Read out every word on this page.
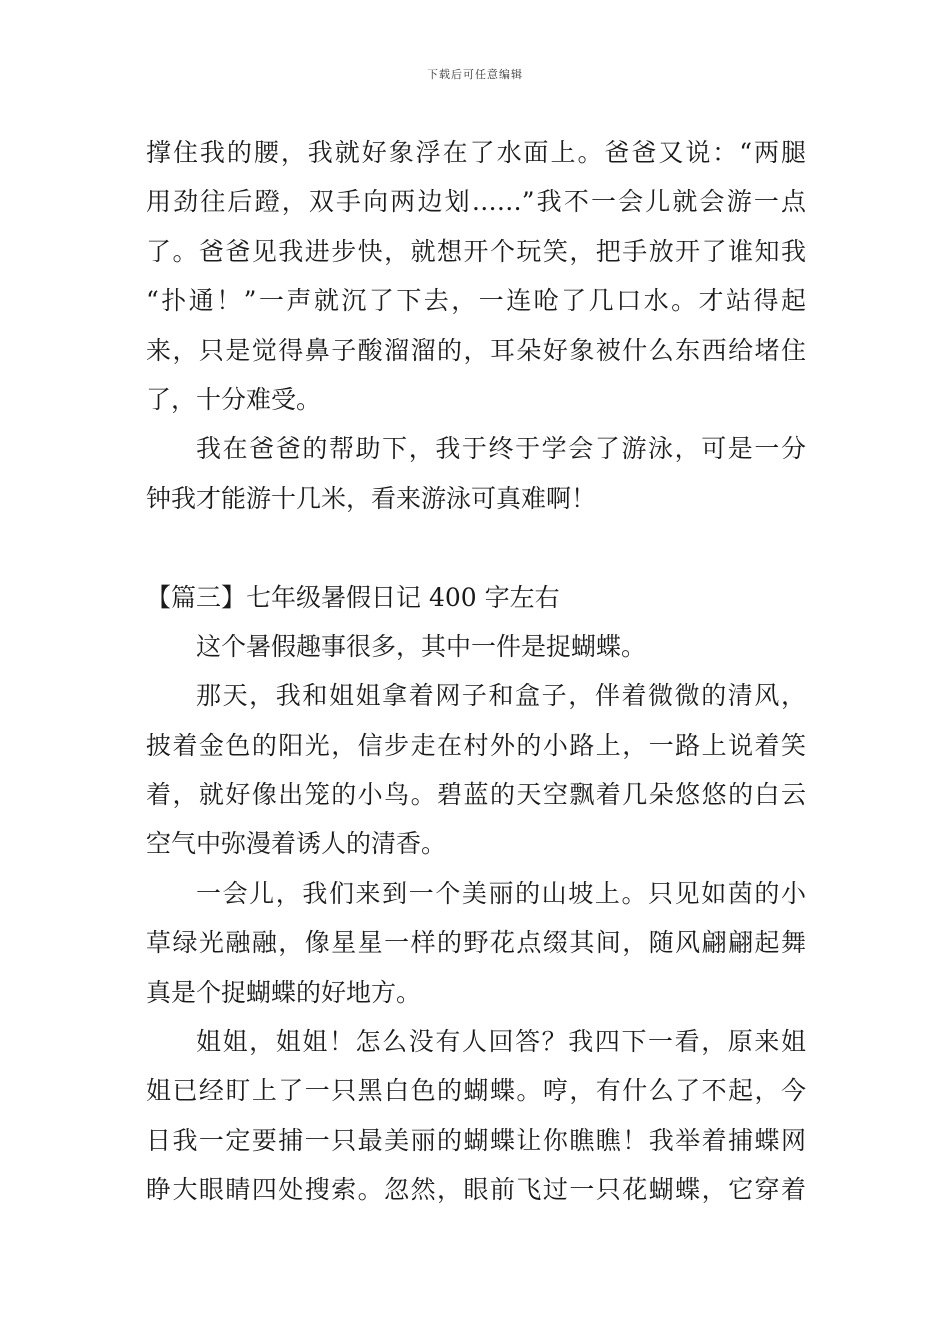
下载后可任意编辑
撑住我的腰，我就好象浮在了水面上。爸爸又说：“两腿
用劲往后蹬，双手向两边划……”我不一会儿就会游一点
了。爸爸见我进步快，就想开个玩笑，把手放开了谁知我
“扑通！”一声就沉了下去，一连呛了几口水。才站得起
来，只是觉得鼻子酸溜溜的，耳朵好象被什么东西给堵住
了，十分难受。
我在爸爸的帮助下，我于终于学会了游泳，可是一分
钟我才能游十几米，看来游泳可真难啊！
【篇三】七年级暑假日记 400 字左右
这个暑假趣事很多，其中一件是捉蝴蝶。
那天，我和姐姐拿着网子和盒子，伴着微微的清风，
披着金色的阳光，信步走在村外的小路上，一路上说着笑
着，就好像出笼的小鸟。碧蓝的天空飘着几朵悠悠的白云
空气中弥漫着诱人的清香。
一会儿，我们来到一个美丽的山坡上。只见如茵的小
草绿光融融，像星星一样的野花点缀其间，随风翩翩起舞
真是个捉蝴蝶的好地方。
姐姐，姐姐！怎么没有人回答？我四下一看，原来姐
姐已经盯上了一只黑白色的蝴蝶。哼，有什么了不起，今
日我一定要捕一只最美丽的蝴蝶让你瞧瞧！我举着捕蝶网
睁大眼睛四处搜索。忽然，眼前飞过一只花蝴蝶，它穿着
